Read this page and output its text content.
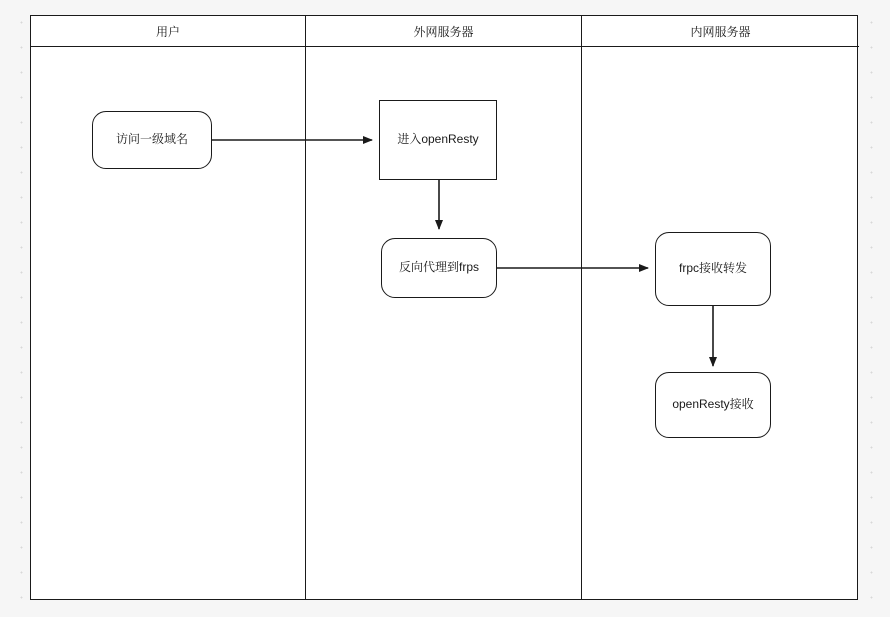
用户	外网服务器	内网服务器
访问一级域名	进入openResty
反向代理到frps	frpc接收转发
openResty接收
